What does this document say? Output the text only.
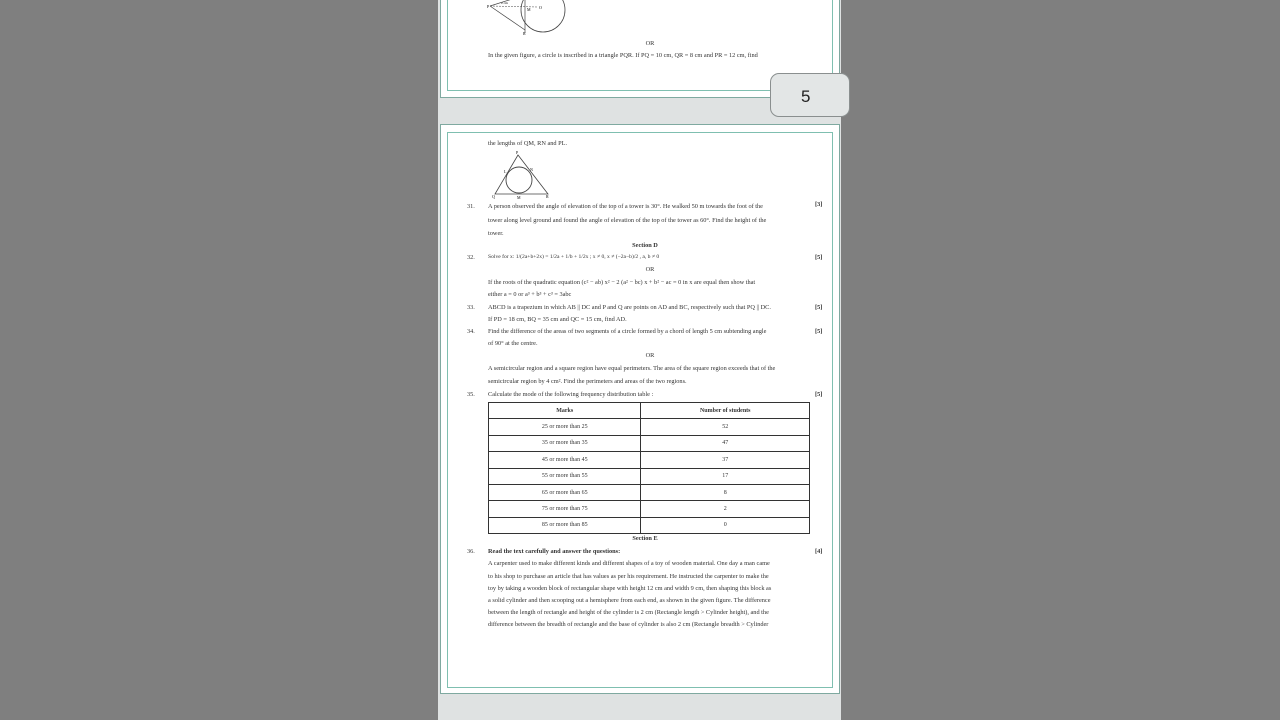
P
M O
R
2 cm
OR
In the given figure, a circle is inscribed in a triangle PQR. If PQ = 10 cm, QR = 8 cm and PR = 12 cm, find
5
the lengths of QM, RN and PL.
P
L	N
Q	M	R
31. A person observed the angle of elevation of the top of a tower is 30°. He walked 50 m towards the foot of the
tower along level ground and found the angle of elevation of the top of the tower as 60°. Find the height of the
tower.
[3]
Section D
32. Solve for x: 1/(2a+b+2x) = 1/2a + 1/b + 1/2x ; x ≠ 0, x ≠ (−2a−b)/2 , a, b ≠ 0	[5]
OR
If the roots of the quadratic equation (c² − ab) x² − 2 (a² − bc) x + b² − ac = 0 in x are equal then show that
either a = 0 or a³ + b³ + c³ = 3abc
33. ABCD is a trapezium in which AB || DC and P and Q are points on AD and BC, respectively such that PQ || DC.
If PD = 18 cm, BQ = 35 cm and QC = 15 cm, find AD.
[5]
34. Find the difference of the areas of two segments of a circle formed by a chord of length 5 cm subtending angle
of 90° at the centre.
[5]
OR
A semicircular region and a square region have equal perimeters. The area of the square region exceeds that of the
semicircular region by 4 cm². Find the perimeters and areas of the two regions.
35. Calculate the mode of the following frequency distribution table :	[5]
Marks	Number of students
25 or more than 25	52
35 or more than 35	47
45 or more than 45	37
55 or more than 55	17
65 or more than 65	8
75 or more than 75	2
85 or more than 85	0
Section E
36. Read the text carefully and answer the questions:	[4]
A carpenter used to make different kinds and different shapes of a toy of wooden material. One day a man came
to his shop to purchase an article that has values as per his requirement. He instructed the carpenter to make the
toy by taking a wooden block of rectangular shape with height 12 cm and width 9 cm, then shaping this block as
a solid cylinder and then scooping out a hemisphere from each end, as shown in the given figure. The difference
between the length of rectangle and height of the cylinder is 2 cm (Rectangle length > Cylinder height), and the
difference between the breadth of rectangle and the base of cylinder is also 2 cm (Rectangle breadth > Cylinder
